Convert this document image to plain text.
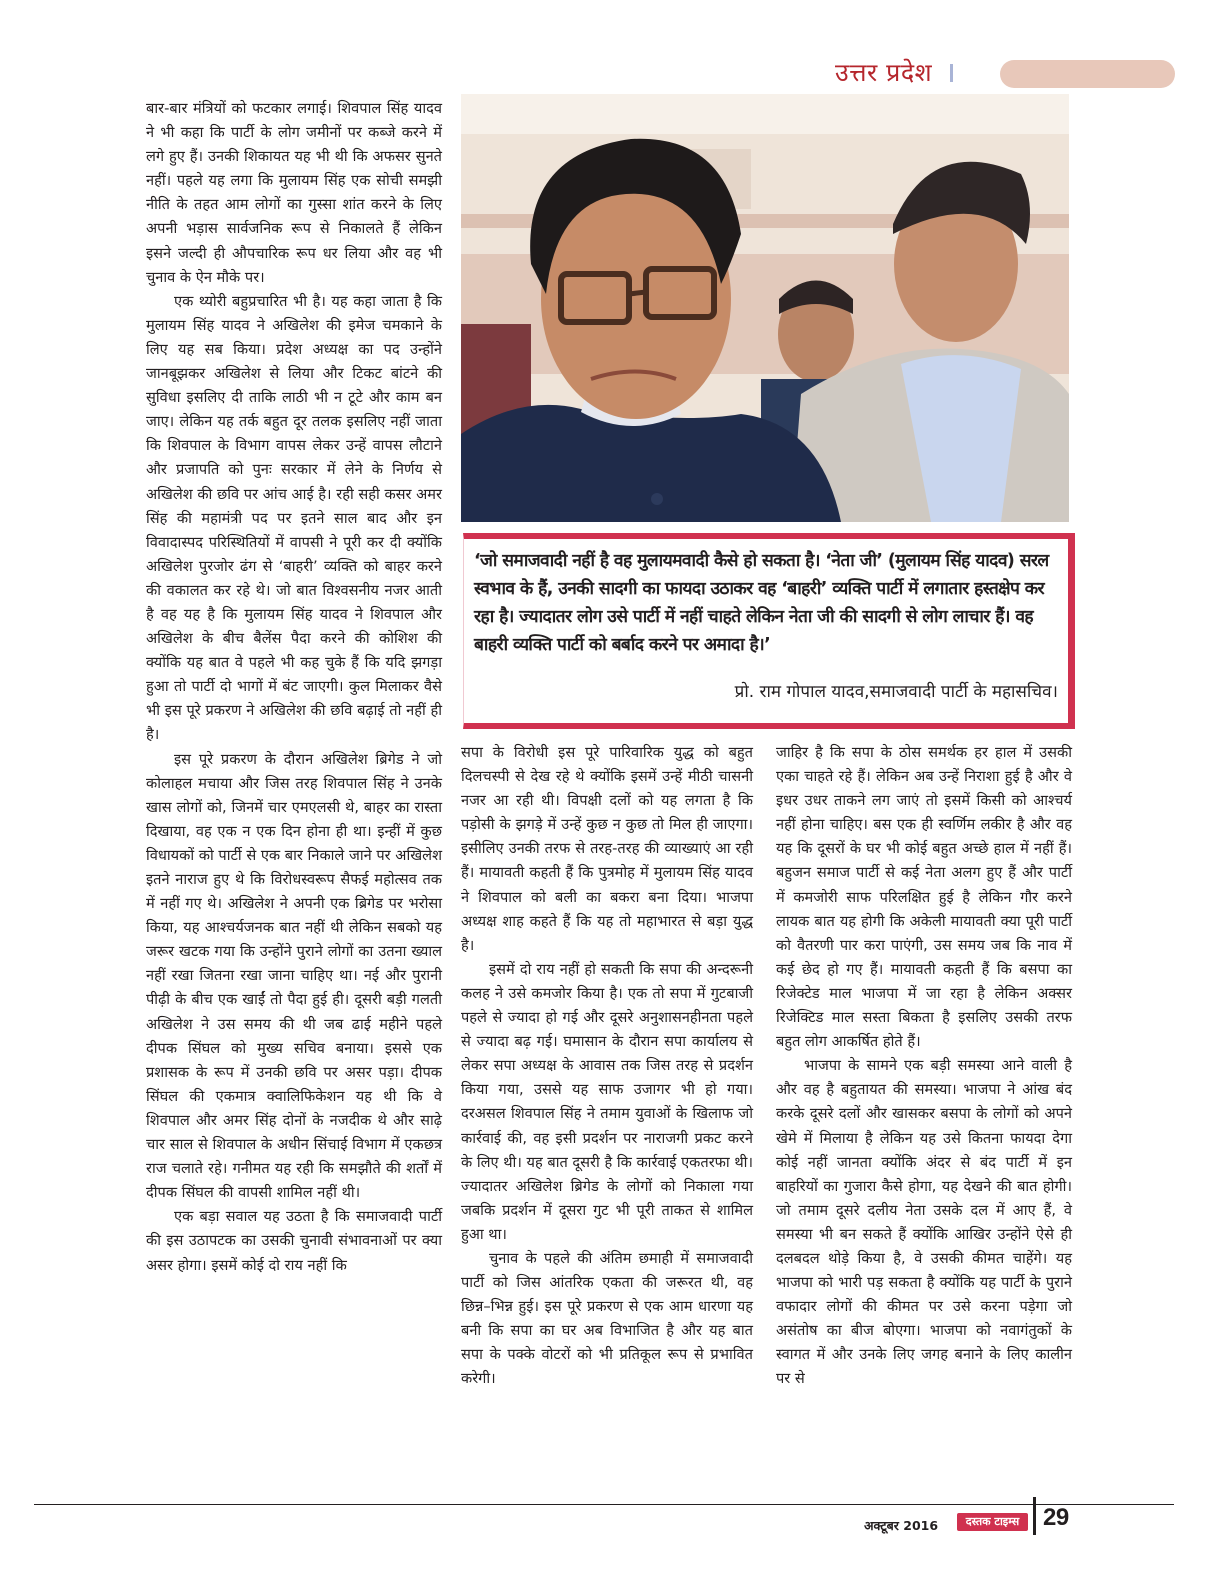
उत्तर प्रदेश

बार-बार मंत्रियों को फटकार लगाई। शिवपाल सिंह यादव ने भी कहा कि पार्टी के लोग जमीनों पर कब्जे करने में लगे हुए हैं। उनकी शिकायत यह भी थी कि अफसर सुनते नहीं। पहले यह लगा कि मुलायम सिंह एक सोची समझी नीति के तहत आम लोगों का गुस्सा शांत करने के लिए अपनी भड़ास सार्वजनिक रूप से निकालते हैं लेकिन इसने जल्दी ही औपचारिक रूप धर लिया और वह भी चुनाव के ऐन मौके पर।

एक थ्योरी बहुप्रचारित भी है। यह कहा जाता है कि मुलायम सिंह यादव ने अखिलेश की इमेज चमकाने के लिए यह सब किया। प्रदेश अध्यक्ष का पद उन्होंने जानबूझकर अखिलेश से लिया और टिकट बांटने की सुविधा इसलिए दी ताकि लाठी भी न टूटे और काम बन जाए। लेकिन यह तर्क बहुत दूर तलक इसलिए नहीं जाता कि शिवपाल के विभाग वापस लेकर उन्हें वापस लौटाने और प्रजापति को पुनः सरकार में लेने के निर्णय से अखिलेश की छवि पर आंच आई है। रही सही कसर अमर सिंह की महामंत्री पद पर इतने साल बाद और इन विवादास्पद परिस्थितियों में वापसी ने पूरी कर दी क्योंकि अखिलेश पुरजोर ढंग से ‘बाहरी’ व्यक्ति को बाहर करने की वकालत कर रहे थे। जो बात विश्वसनीय नजर आती है वह यह है कि मुलायम सिंह यादव ने शिवपाल और अखिलेश के बीच बैलेंस पैदा करने की कोशिश की क्योंकि यह बात वे पहले भी कह चुके हैं कि यदि झगड़ा हुआ तो पार्टी दो भागों में बंट जाएगी। कुल मिलाकर वैसे भी इस पूरे प्रकरण ने अखिलेश की छवि बढ़ाई तो नहीं ही है।

इस पूरे प्रकरण के दौरान अखिलेश ब्रिगेड ने जो कोलाहल मचाया और जिस तरह शिवपाल सिंह ने उनके खास लोगों को, जिनमें चार एमएलसी थे, बाहर का रास्ता दिखाया, वह एक न एक दिन होना ही था। इन्हीं में कुछ विधायकों को पार्टी से एक बार निकाले जाने पर अखिलेश इतने नाराज हुए थे कि विरोधस्वरूप सैफई महोत्सव तक में नहीं गए थे। अखिलेश ने अपनी एक ब्रिगेड पर भरोसा किया, यह आश्चर्यजनक बात नहीं थी लेकिन सबको यह जरूर खटक गया कि उन्होंने पुराने लोगों का उतना ख्याल नहीं रखा जितना रखा जाना चाहिए था। नई और पुरानी पीढ़ी के बीच एक खाईं तो पैदा हुई ही। दूसरी बड़ी गलती अखिलेश ने उस समय की थी जब ढाई महीने पहले दीपक सिंघल को मुख्य सचिव बनाया। इससे एक प्रशासक के रूप में उनकी छवि पर असर पड़ा। दीपक सिंघल की एकमात्र क्वालिफिकेशन यह थी कि वे शिवपाल और अमर सिंह दोनों के नजदीक थे और साढ़े चार साल से शिवपाल के अधीन सिंचाई विभाग में एकछत्र राज चलाते रहे। गनीमत यह रही कि समझौते की शर्तों में दीपक सिंघल की वापसी शामिल नहीं थी।

एक बड़ा सवाल यह उठता है कि समाजवादी पार्टी की इस उठापटक का उसकी चुनावी संभावनाओं पर क्या असर होगा। इसमें कोई दो राय नहीं कि

‘जो समाजवादी नहीं है वह मुलायमवादी कैसे हो सकता है। ‘नेता जी’ (मुलायम सिंह यादव) सरल स्वभाव के हैं, उनकी सादगी का फायदा उठाकर वह ‘बाहरी’ व्यक्ति पार्टी में लगातार हस्तक्षेप कर रहा है। ज्यादातर लोग उसे पार्टी में नहीं चाहते लेकिन नेता जी की सादगी से लोग लाचार हैं। वह बाहरी व्यक्ति पार्टी को बर्बाद करने पर अमादा है।’
प्रो. राम गोपाल यादव,समाजवादी पार्टी के महासचिव।

सपा के विरोधी इस पूरे पारिवारिक युद्ध को बहुत दिलचस्पी से देख रहे थे क्योंकि इसमें उन्हें मीठी चासनी नजर आ रही थी। विपक्षी दलों को यह लगता है कि पड़ोसी के झगड़े में उन्हें कुछ न कुछ तो मिल ही जाएगा। इसीलिए उनकी तरफ से तरह-तरह की व्याख्याएं आ रही हैं। मायावती कहती हैं कि पुत्रमोह में मुलायम सिंह यादव ने शिवपाल को बली का बकरा बना दिया। भाजपा अध्यक्ष शाह कहते हैं कि यह तो महाभारत से बड़ा युद्ध है।

इसमें दो राय नहीं हो सकती कि सपा की अन्दरूनी कलह ने उसे कमजोर किया है। एक तो सपा में गुटबाजी पहले से ज्यादा हो गई और दूसरे अनुशासनहीनता पहले से ज्यादा बढ़ गई। घमासान के दौरान सपा कार्यालय से लेकर सपा अध्यक्ष के आवास तक जिस तरह से प्रदर्शन किया गया, उससे यह साफ उजागर भी हो गया। दरअसल शिवपाल सिंह ने तमाम युवाओं के खिलाफ जो कार्रवाई की, वह इसी प्रदर्शन पर नाराजगी प्रकट करने के लिए थी। यह बात दूसरी है कि कार्रवाई एकतरफा थी। ज्यादातर अखिलेश ब्रिगेड के लोगों को निकाला गया जबकि प्रदर्शन में दूसरा गुट भी पूरी ताकत से शामिल हुआ था।

चुनाव के पहले की अंतिम छमाही में समाजवादी पार्टी को जिस आंतरिक एकता की जरूरत थी, वह छिन्न–भिन्न हुई। इस पूरे प्रकरण से एक आम धारणा यह बनी कि सपा का घर अब विभाजित है और यह बात सपा के पक्के वोटरों को भी प्रतिकूल रूप से प्रभावित करेगी।

जाहिर है कि सपा के ठोस समर्थक हर हाल में उसकी एका चाहते रहे हैं। लेकिन अब उन्हें निराशा हुई है और वे इधर उधर ताकने लग जाएं तो इसमें किसी को आश्चर्य नहीं होना चाहिए। बस एक ही स्वर्णिम लकीर है और वह यह कि दूसरों के घर भी कोई बहुत अच्छे हाल में नहीं हैं। बहुजन समाज पार्टी से कई नेता अलग हुए हैं और पार्टी में कमजोरी साफ परिलक्षित हुई है लेकिन गौर करने लायक बात यह होगी कि अकेली मायावती क्या पूरी पार्टी को वैतरणी पार करा पाएंगी, उस समय जब कि नाव में कई छेद हो गए हैं। मायावती कहती हैं कि बसपा का रिजेक्टेड माल भाजपा में जा रहा है लेकिन अक्सर रिजेक्टिड माल सस्ता बिकता है इसलिए उसकी तरफ बहुत लोग आकर्षित होते हैं।

भाजपा के सामने एक बड़ी समस्या आने वाली है और वह है बहुतायत की समस्या। भाजपा ने आंख बंद करके दूसरे दलों और खासकर बसपा के लोगों को अपने खेमे में मिलाया है लेकिन यह उसे कितना फायदा देगा कोई नहीं जानता क्योंकि अंदर से बंद पार्टी में इन बाहरियों का गुजारा कैसे होगा, यह देखने की बात होगी। जो तमाम दूसरे दलीय नेता उसके दल में आए हैं, वे समस्या भी बन सकते हैं क्योंकि आखिर उन्होंने ऐसे ही दलबदल थोड़े किया है, वे उसकी कीमत चाहेंगे। यह भाजपा को भारी पड़ सकता है क्योंकि यह पार्टी के पुराने वफादार लोगों की कीमत पर उसे करना पड़ेगा जो असंतोष का बीज बोएगा। भाजपा को नवागंतुकों के स्वागत में और उनके लिए जगह बनाने के लिए कालीन पर से

अक्टूबर 2016	दस्तक टाइम्स 29
